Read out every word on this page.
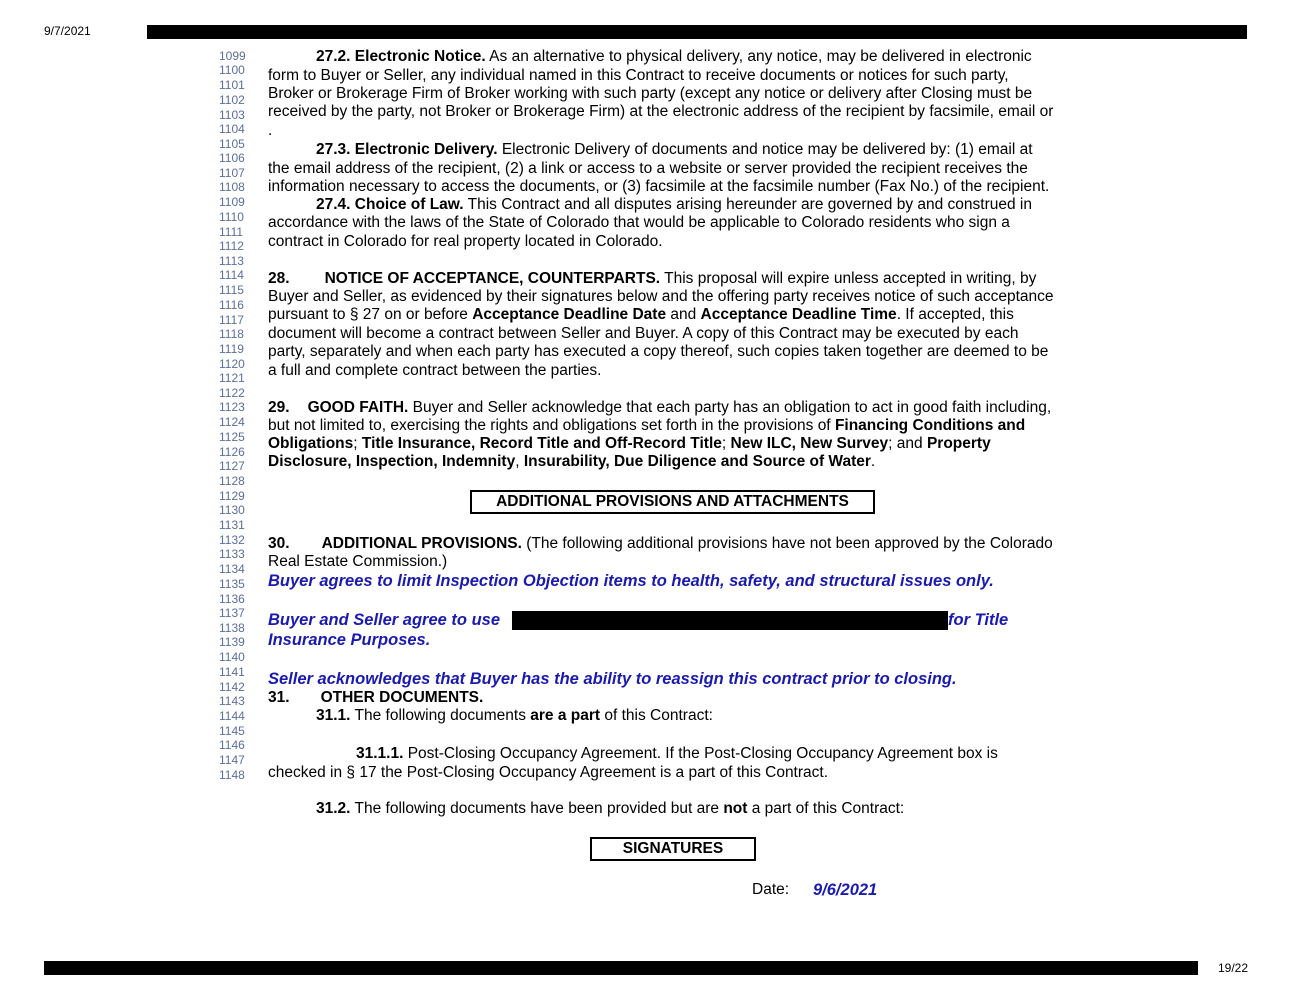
9/7/2021
1099
1100
1101
1102
1103
1104
1105
1106
1107
1108
1109
1110
1111
1112
1113
1114
1115
1116
1117
1118
1119
1120
1121
1122
1123
1124
1125
1126
1127
1128
1129
1130
1131
1132
1133
1134
1135
1136
1137
1138
1139
1140
1141
1142
1143
1144
1145
1146
1147
1148
27.2. Electronic Notice. As an alternative to physical delivery, any notice, may be delivered in electronic
form to Buyer or Seller, any individual named in this Contract to receive documents or notices for such party,
Broker or Brokerage Firm of Broker working with such party (except any notice or delivery after Closing must be
received by the party, not Broker or Brokerage Firm) at the electronic address of the recipient by facsimile, email or
.
27.3. Electronic Delivery. Electronic Delivery of documents and notice may be delivered by: (1) email at
the email address of the recipient, (2) a link or access to a website or server provided the recipient receives the
information necessary to access the documents, or (3) facsimile at the facsimile number (Fax No.) of the recipient.
27.4. Choice of Law. This Contract and all disputes arising hereunder are governed by and construed in
accordance with the laws of the State of Colorado that would be applicable to Colorado residents who sign a
contract in Colorado for real property located in Colorado.
28. NOTICE OF ACCEPTANCE, COUNTERPARTS. This proposal will expire unless accepted in writing, by
Buyer and Seller, as evidenced by their signatures below and the offering party receives notice of such acceptance
pursuant to § 27 on or before Acceptance Deadline Date and Acceptance Deadline Time. If accepted, this
document will become a contract between Seller and Buyer. A copy of this Contract may be executed by each
party, separately and when each party has executed a copy thereof, such copies taken together are deemed to be
a full and complete contract between the parties.
29. GOOD FAITH. Buyer and Seller acknowledge that each party has an obligation to act in good faith including,
but not limited to, exercising the rights and obligations set forth in the provisions of Financing Conditions and
Obligations; Title Insurance, Record Title and Off-Record Title; New ILC, New Survey; and Property
Disclosure, Inspection, Indemnity, Insurability, Due Diligence and Source of Water.
ADDITIONAL PROVISIONS AND ATTACHMENTS
30. ADDITIONAL PROVISIONS. (The following additional provisions have not been approved by the Colorado
Real Estate Commission.)
Buyer agrees to limit Inspection Objection items to health, safety, and structural issues only.
Buyer and Seller agree to use	for Title
Insurance Purposes.
Seller acknowledges that Buyer has the ability to reassign this contract prior to closing.
31. OTHER DOCUMENTS.
31.1. The following documents are a part of this Contract:
31.1.1. Post-Closing Occupancy Agreement. If the Post-Closing Occupancy Agreement box is
checked in § 17 the Post-Closing Occupancy Agreement is a part of this Contract.
31.2. The following documents have been provided but are not a part of this Contract:
SIGNATURES
Date: 9/6/2021
19/22
